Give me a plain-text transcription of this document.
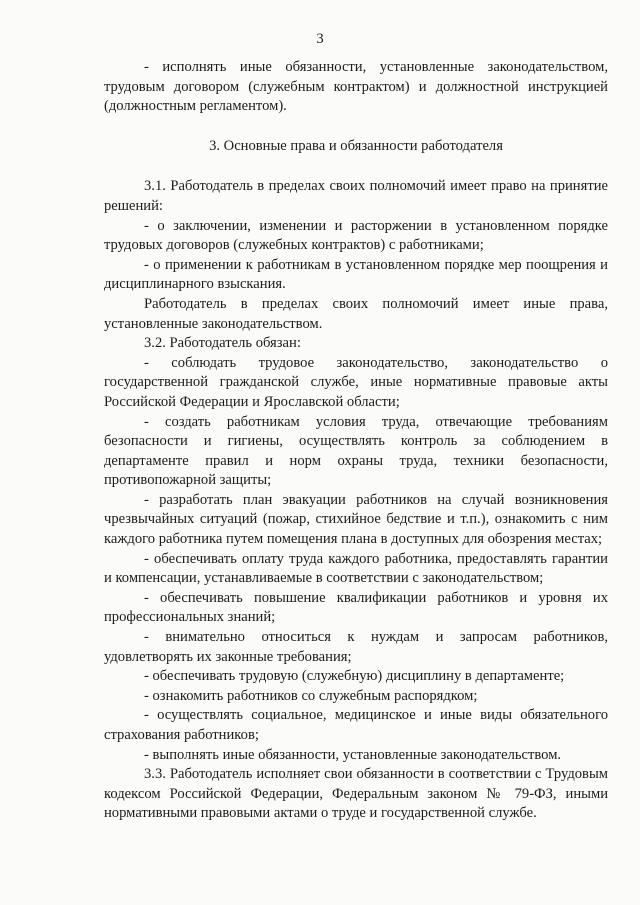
3

- исполнять иные обязанности, установленные законодательством, трудовым договором (служебным контрактом) и должностной инструкцией (должностным регламентом).

3. Основные права и обязанности работодателя

3.1. Работодатель в пределах своих полномочий имеет право на принятие решений:

- о заключении, изменении и расторжении в установленном порядке трудовых договоров (служебных контрактов) с работниками;

- о применении к работникам в установленном порядке мер поощрения и дисциплинарного взыскания.

Работодатель в пределах своих полномочий имеет иные права, установленные законодательством.

3.2. Работодатель обязан:

- соблюдать трудовое законодательство, законодательство о государственной гражданской службе, иные нормативные правовые акты Российской Федерации и Ярославской области;

- создать работникам условия труда, отвечающие требованиям безопасности и гигиены, осуществлять контроль за соблюдением в департаменте правил и норм охраны труда, техники безопасности, противопожарной защиты;

- разработать план эвакуации работников на случай возникновения чрезвычайных ситуаций (пожар, стихийное бедствие и т.п.), ознакомить с ним каждого работника путем помещения плана в доступных для обозрения местах;

- обеспечивать оплату труда каждого работника, предоставлять гарантии и компенсации, устанавливаемые в соответствии с законодательством;

- обеспечивать повышение квалификации работников и уровня их профессиональных знаний;

- внимательно относиться к нуждам и запросам работников, удовлетворять их законные требования;

- обеспечивать трудовую (служебную) дисциплину в департаменте;

- ознакомить работников со служебным распорядком;

- осуществлять социальное, медицинское и иные виды обязательного страхования работников;

- выполнять иные обязанности, установленные законодательством.

3.3. Работодатель исполняет свои обязанности в соответствии с Трудовым кодексом Российской Федерации, Федеральным законом № 79-ФЗ, иными нормативными правовыми актами о труде и государственной службе.
